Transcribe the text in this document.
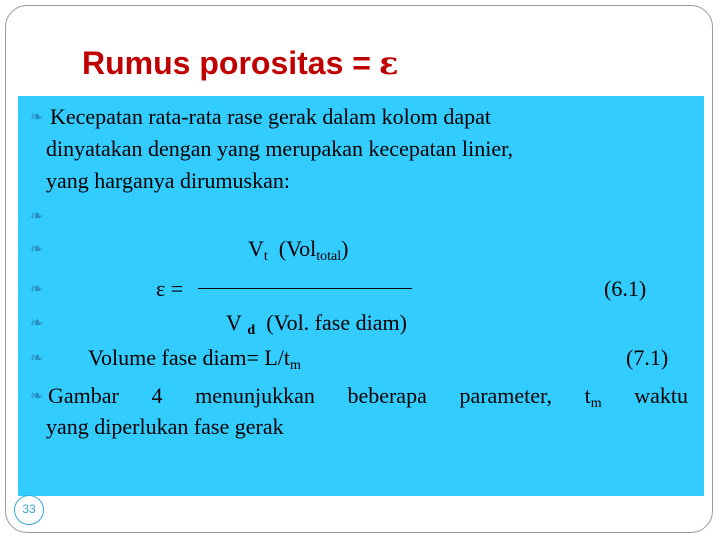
Rumus porositas = ε
❧
❧
❧
❧
❧
❧
❧
Kecepatan rata-rata rase gerak dalam kolom dapat
dinyatakan dengan yang merupakan kecepatan linier,
yang harganya dirumuskan:
$V_t$ (Vol$_{total}$)
ε =	(6.1)
V $_d$ (Vol. fase diam)
Volume fase diam= $L/t_m$	(7.1)
Gambar 4 menunjukkan beberapa parameter, $t_m$ waktu
yang diperlukan fase gerak
33
